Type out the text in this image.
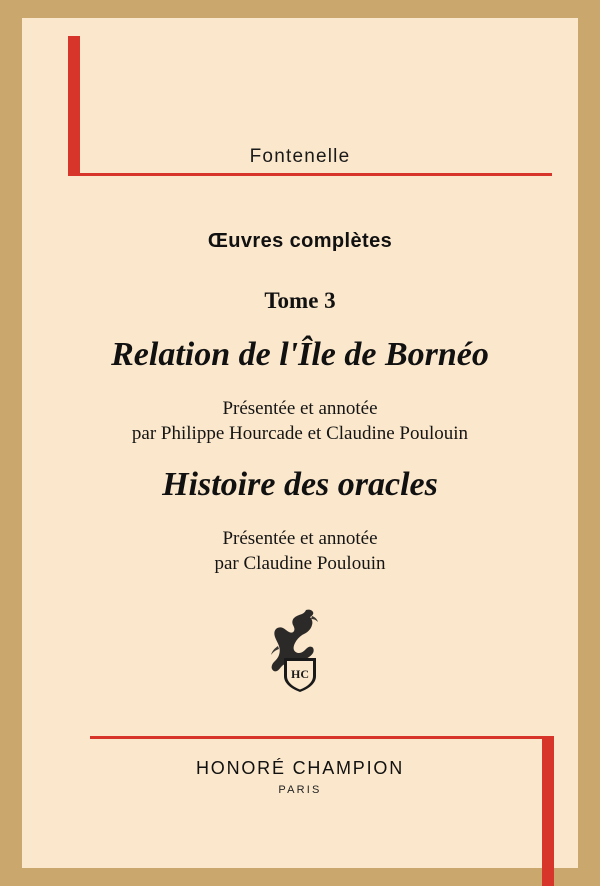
Fontenelle
Œuvres complètes
Tome 3
Relation de l'Île de Bornéo
Présentée et annotée
par Philippe Hourcade et Claudine Poulouin
Histoire des oracles
Présentée et annotée
par Claudine Poulouin
HC
HONORÉ CHAMPION
PARIS
